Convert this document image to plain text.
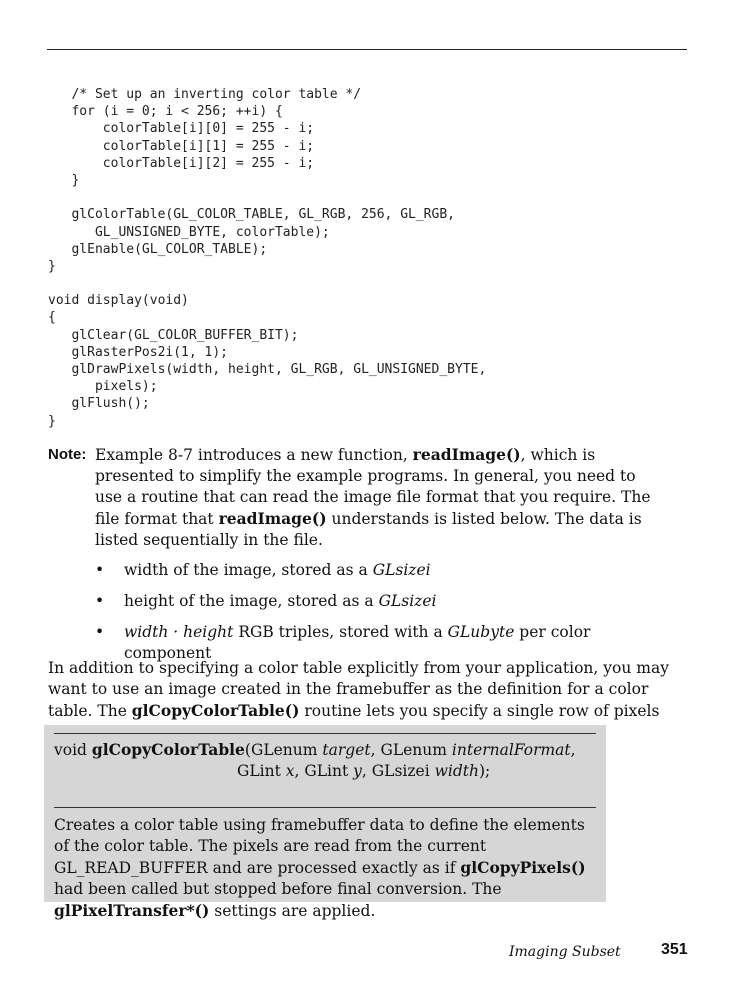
/* Set up an inverting color table */
for (i = 0; i < 256; ++i) {
colorTable[i][0] = 255 - i;
colorTable[i][1] = 255 - i;
colorTable[i][2] = 255 - i;
}
glColorTable(GL_COLOR_TABLE, GL_RGB, 256, GL_RGB,
GL_UNSIGNED_BYTE, colorTable);
glEnable(GL_COLOR_TABLE);
}
void display(void)
{
glClear(GL_COLOR_BUFFER_BIT);
glRasterPos2i(1, 1);
glDrawPixels(width, height, GL_RGB, GL_UNSIGNED_BYTE,
pixels);
glFlush();
}
Note: Example 8-7 introduces a new function, readImage(), which is presented to simplify the example programs. In general, you need to use a routine that can read the image file format that you require. The file format that readImage() understands is listed below. The data is listed sequentially in the file.

• width of the image, stored as a GLsizei
• height of the image, stored as a GLsizei
• width · height RGB triples, stored with a GLubyte per color component

In addition to specifying a color table explicitly from your application, you may want to use an image created in the framebuffer as the definition for a color table. The glCopyColorTable() routine lets you specify a single row of pixels

void glCopyColorTable(GLenum target, GLenum internalFormat,
GLint x, GLint y, GLsizei width);

Creates a color table using framebuffer data to define the elements of the color table. The pixels are read from the current GL_READ_BUFFER and are processed exactly as if glCopyPixels() had been called but stopped before final conversion. The glPixelTransfer*() settings are applied.

Imaging Subset	351
